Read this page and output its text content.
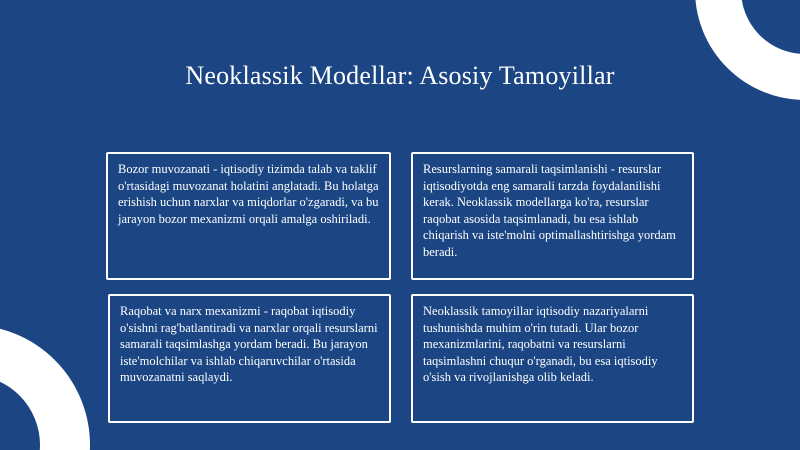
Neoklassik Modellar: Asosiy Tamoyillar

Bozor muvozanati - iqtisodiy tizimda talab va taklif o'rtasidagi muvozanat holatini anglatadi. Bu holatga erishish uchun narxlar va miqdorlar o'zgaradi, va bu jarayon bozor mexanizmi orqali amalga oshiriladi.

Resurslarning samarali taqsimlanishi - resurslar iqtisodiyotda eng samarali tarzda foydalanilishi kerak. Neoklassik modellarga ko'ra, resurslar raqobat asosida taqsimlanadi, bu esa ishlab chiqarish va iste'molni optimallashtirishga yordam beradi.

Raqobat va narx mexanizmi - raqobat iqtisodiy o'sishni rag'batlantiradi va narxlar orqali resurslarni samarali taqsimlashga yordam beradi. Bu jarayon iste'molchilar va ishlab chiqaruvchilar o'rtasida muvozanatni saqlaydi.

Neoklassik tamoyillar iqtisodiy nazariyalarni tushunishda muhim o'rin tutadi. Ular bozor mexanizmlarini, raqobatni va resurslarni taqsimlashni chuqur o'rganadi, bu esa iqtisodiy o'sish va rivojlanishga olib keladi.
